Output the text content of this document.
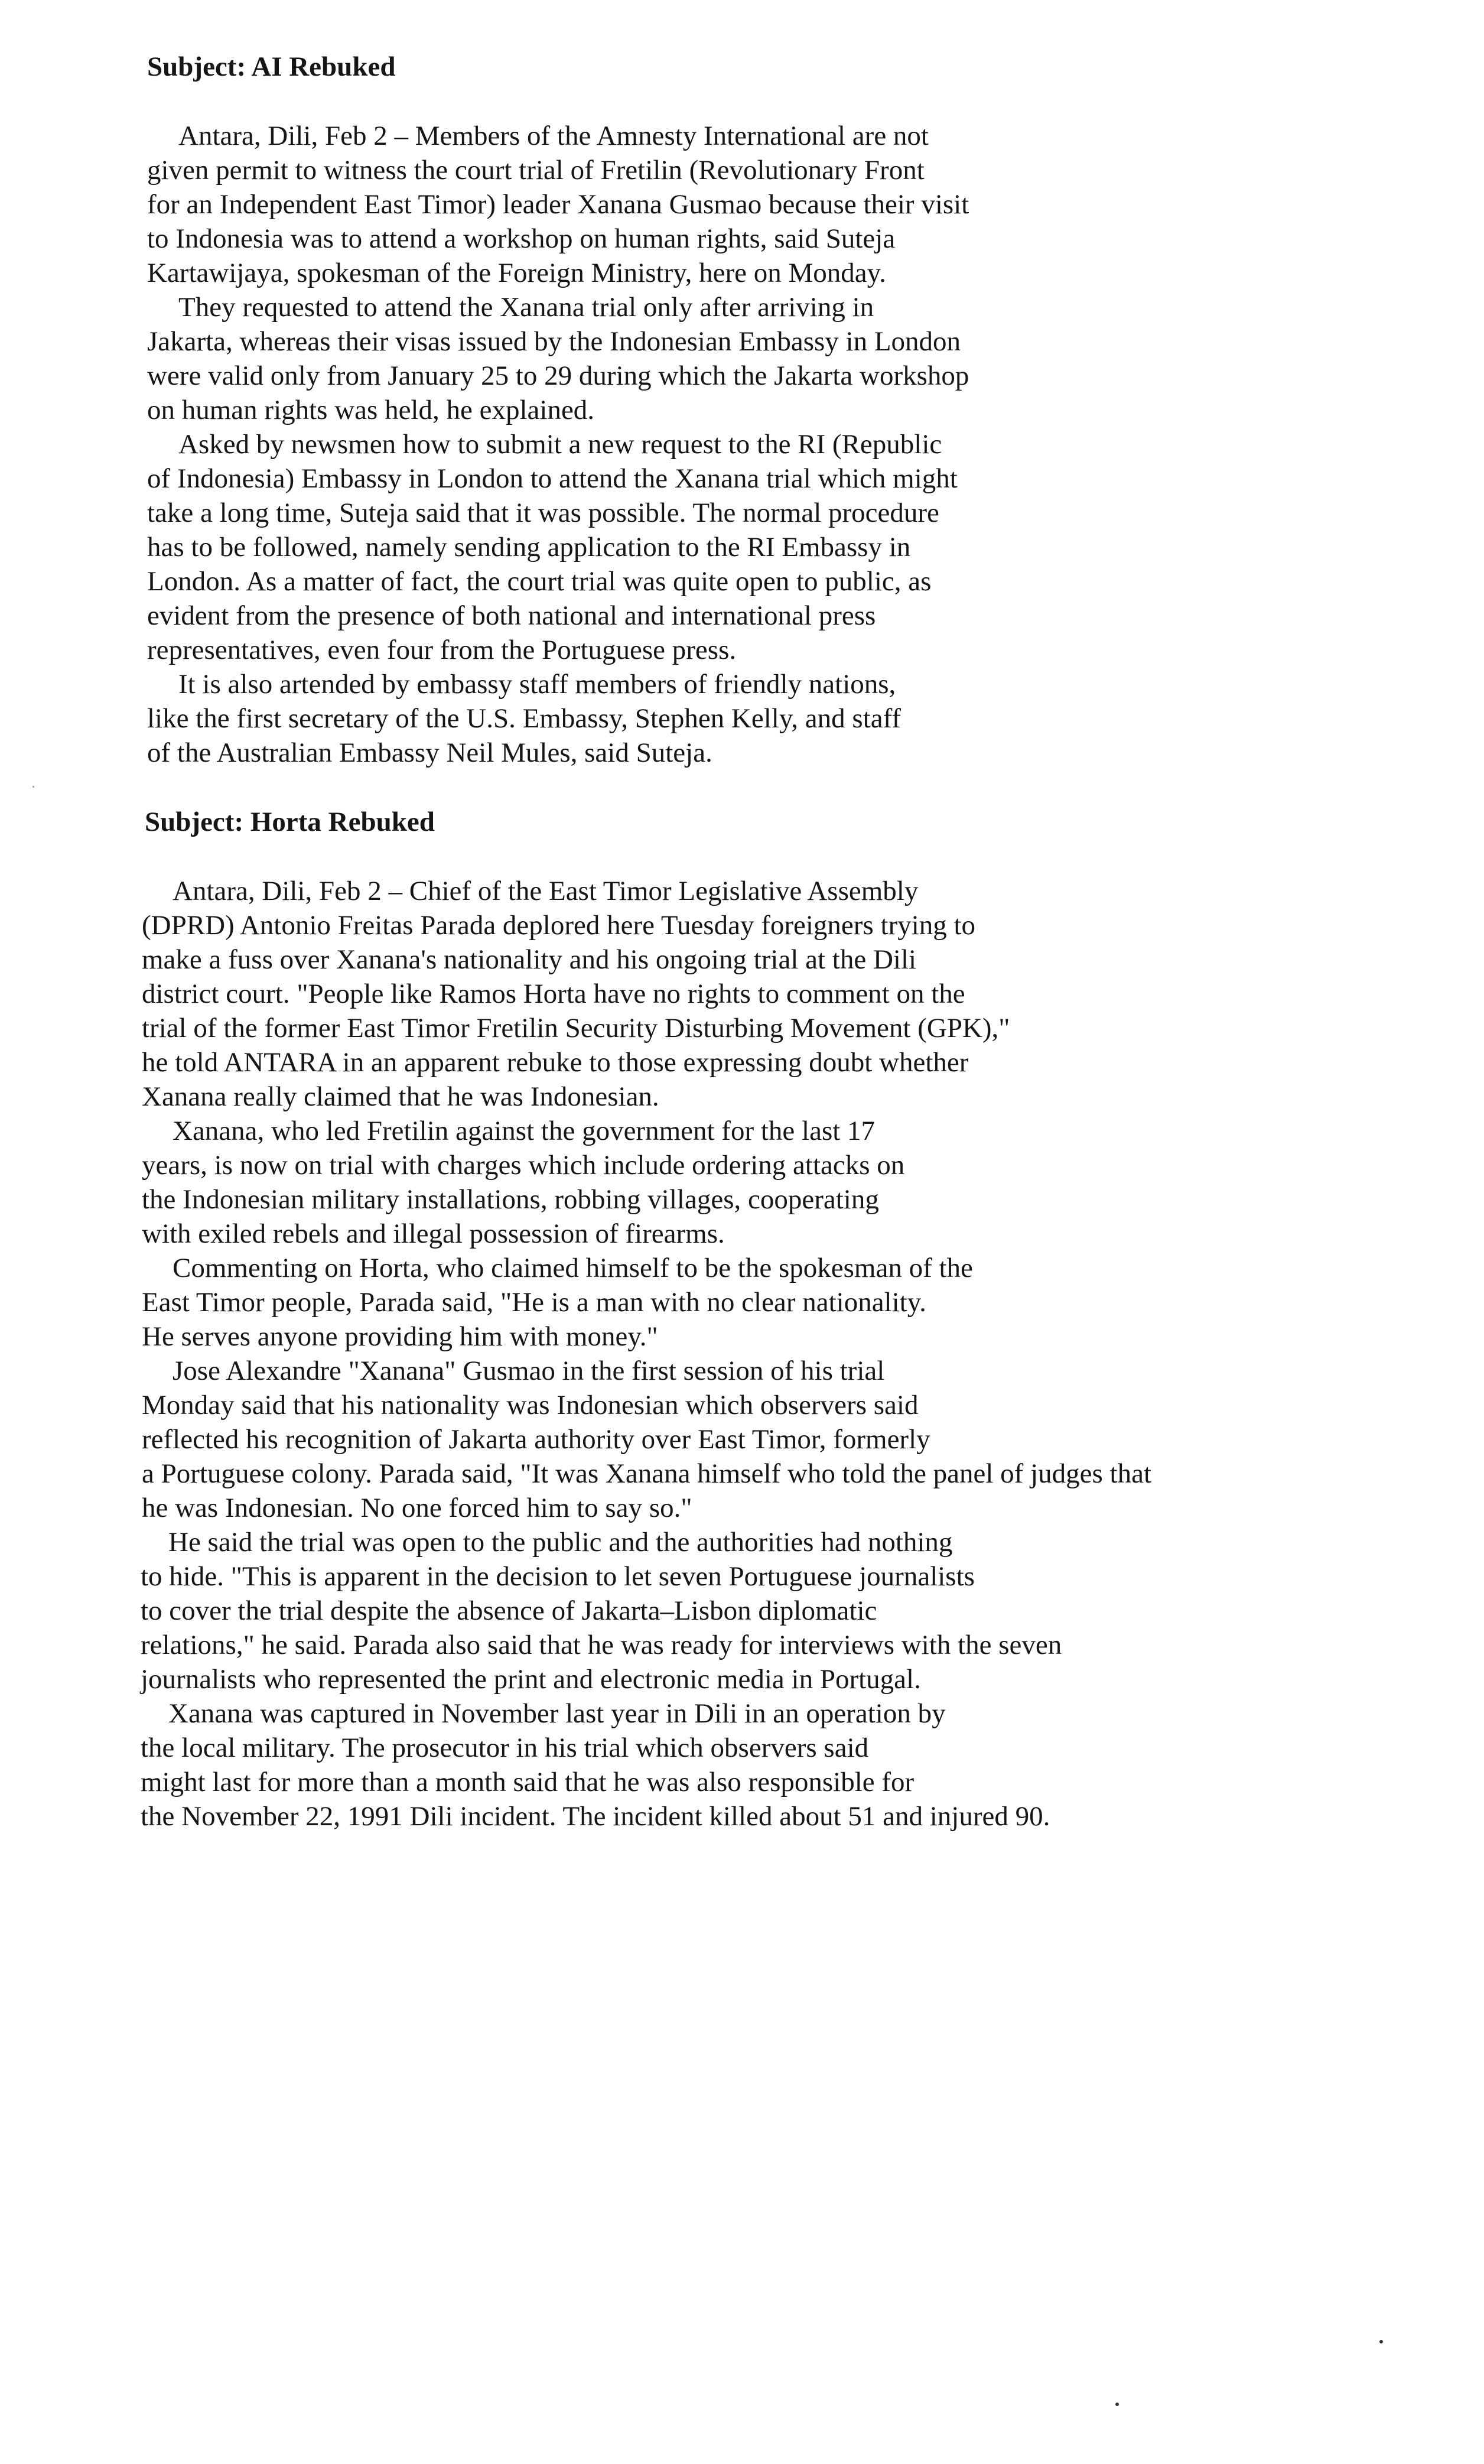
Subject: AI Rebuked
Antara, Dili, Feb 2 – Members of the Amnesty International are not
given permit to witness the court trial of Fretilin (Revolutionary Front
for an Independent East Timor) leader Xanana Gusmao because their visit
to Indonesia was to attend a workshop on human rights, said Suteja
Kartawijaya, spokesman of the Foreign Ministry, here on Monday.
They requested to attend the Xanana trial only after arriving in
Jakarta, whereas their visas issued by the Indonesian Embassy in London
were valid only from January 25 to 29 during which the Jakarta workshop
on human rights was held, he explained.
Asked by newsmen how to submit a new request to the RI (Republic
of Indonesia) Embassy in London to attend the Xanana trial which might
take a long time, Suteja said that it was possible. The normal procedure
has to be followed, namely sending application to the RI Embassy in
London. As a matter of fact, the court trial was quite open to public, as
evident from the presence of both national and international press
representatives, even four from the Portuguese press.
It is also artended by embassy staff members of friendly nations,
like the first secretary of the U.S. Embassy, Stephen Kelly, and staff
of the Australian Embassy Neil Mules, said Suteja.
Subject: Horta Rebuked
Antara, Dili, Feb 2 – Chief of the East Timor Legislative Assembly
(DPRD) Antonio Freitas Parada deplored here Tuesday foreigners trying to
make a fuss over Xanana's nationality and his ongoing trial at the Dili
district court. "People like Ramos Horta have no rights to comment on the
trial of the former East Timor Fretilin Security Disturbing Movement (GPK),"
he told ANTARA in an apparent rebuke to those expressing doubt whether
Xanana really claimed that he was Indonesian.
Xanana, who led Fretilin against the government for the last 17
years, is now on trial with charges which include ordering attacks on
the Indonesian military installations, robbing villages, cooperating
with exiled rebels and illegal possession of firearms.
Commenting on Horta, who claimed himself to be the spokesman of the
East Timor people, Parada said, "He is a man with no clear nationality.
He serves anyone providing him with money."
Jose Alexandre "Xanana" Gusmao in the first session of his trial
Monday said that his nationality was Indonesian which observers said
reflected his recognition of Jakarta authority over East Timor, formerly
a Portuguese colony. Parada said, "It was Xanana himself who told the panel of judges that
he was Indonesian. No one forced him to say so."
He said the trial was open to the public and the authorities had nothing
to hide. "This is apparent in the decision to let seven Portuguese journalists
to cover the trial despite the absence of Jakarta–Lisbon diplomatic
relations," he said. Parada also said that he was ready for interviews with the seven
journalists who represented the print and electronic media in Portugal.
Xanana was captured in November last year in Dili in an operation by
the local military. The prosecutor in his trial which observers said
might last for more than a month said that he was also responsible for
the November 22, 1991 Dili incident. The incident killed about 51 and injured 90.
